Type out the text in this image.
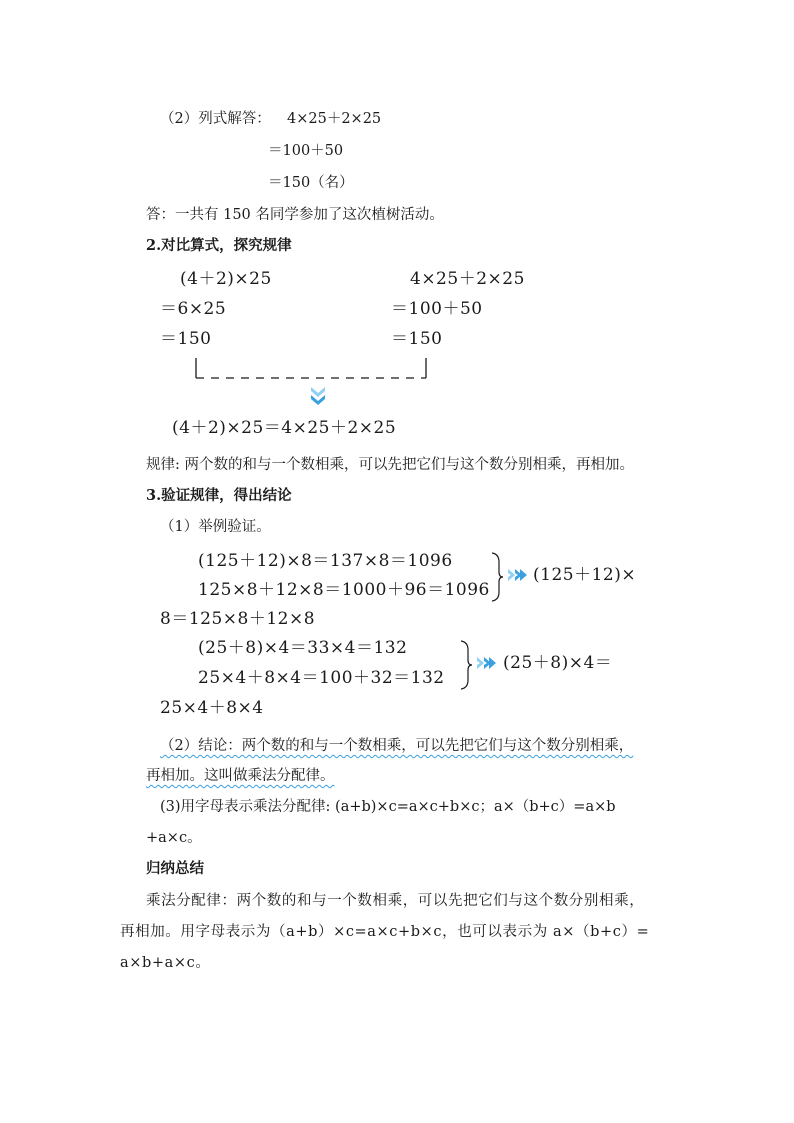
（2）列式解答： 4×25＋2×25
＝100＋50
＝150（名）
答：一共有 150 名同学参加了这次植树活动。
2.对比算式，探究规律
(4＋2)×25
＝6×25
＝150
4×25＋2×25
＝100＋50
＝150
(4＋2)×25＝4×25＋2×25
规律: 两个数的和与一个数相乘，可以先把它们与这个数分别相乘，再相加。
3.验证规律，得出结论
（1）举例验证。
(125＋12)×8＝137×8＝1096
125×8＋12×8＝1000＋96＝1096
(125＋12)×
8＝125×8＋12×8
(25＋8)×4＝33×4＝132
25×4＋8×4＝100＋32＝132
(25＋8)×4＝
25×4＋8×4
（2）结论：两个数的和与一个数相乘，可以先把它们与这个数分别相乘，
再相加。这叫做乘法分配律。
(3)用字母表示乘法分配律: (a+b)×c=a×c+b×c；a×（b+c）=a×b
+a×c。
归纳总结
乘法分配律：两个数的和与一个数相乘，可以先把它们与这个数分别相乘，
再相加。用字母表示为（a+b）×c=a×c+b×c，也可以表示为 a×（b+c）=
a×b+a×c。
